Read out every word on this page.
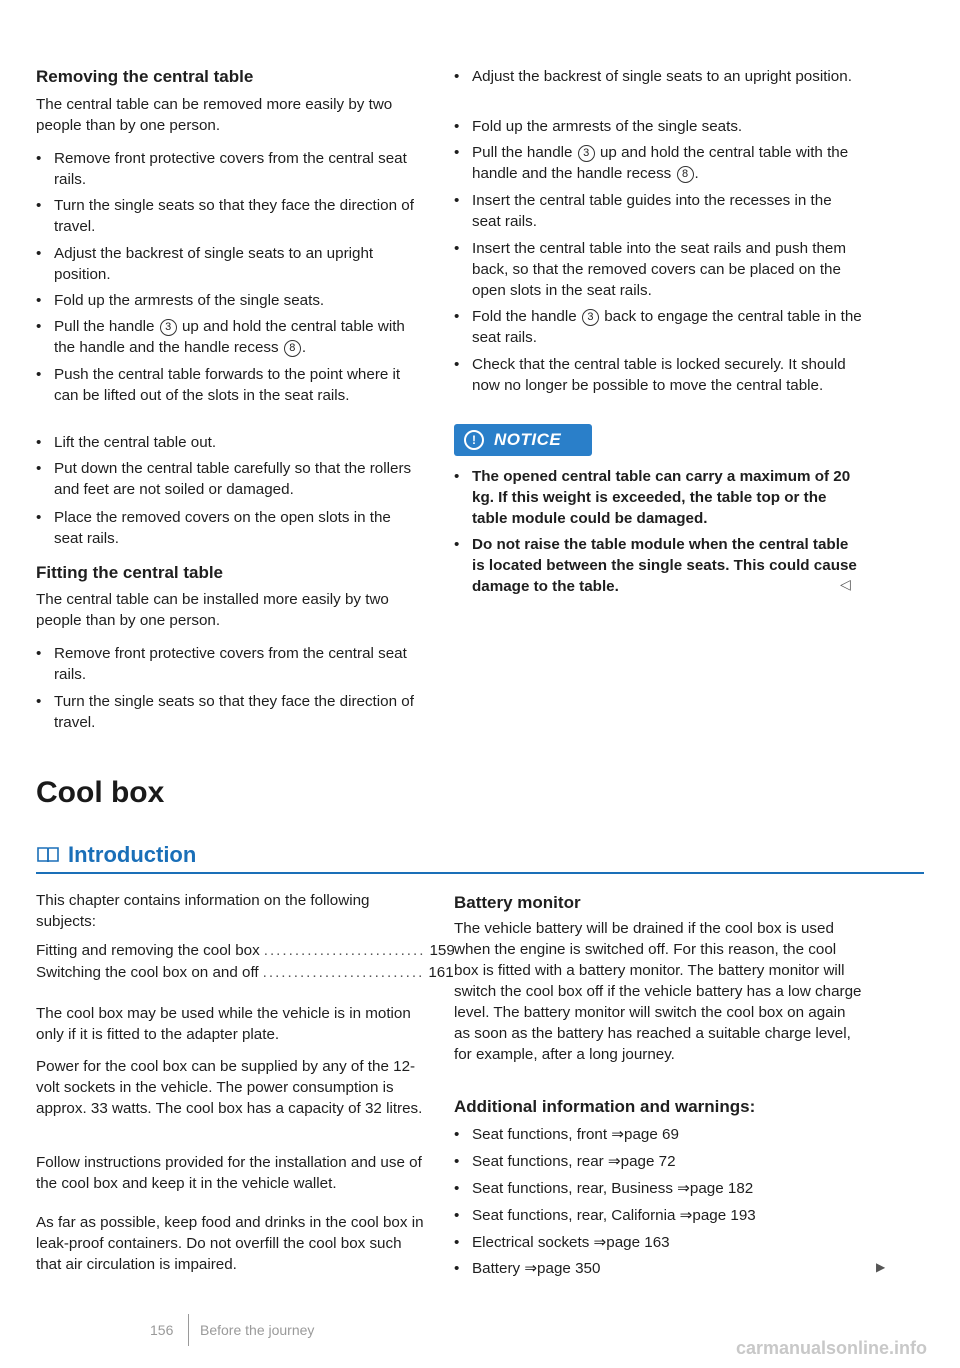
Removing the central table

The central table can be removed more easily by two people than by one person.

• Remove front protective covers from the central seat rails.
• Turn the single seats so that they face the direction of travel.
• Adjust the backrest of single seats to an upright position.
• Fold up the armrests of the single seats.
• Pull the handle 3 up and hold the central table with the handle and the handle recess 8 .
• Push the central table forwards to the point where it can be lifted out of the slots in the seat rails.
• Lift the central table out.
• Put down the central table carefully so that the rollers and feet are not soiled or damaged.
• Place the removed covers on the open slots in the seat rails.
Fitting the central table

The central table can be installed more easily by two people than by one person.

• Remove front protective covers from the central seat rails.
• Turn the single seats so that they face the direction of travel.
• Adjust the backrest of single seats to an upright position.
• Fold up the armrests of the single seats.
• Pull the handle 3 up and hold the central table with the handle and the handle recess 8 .
• Insert the central table guides into the recesses in the seat rails.
• Insert the central table into the seat rails and push them back, so that the removed covers can be placed on the open slots in the seat rails.
• Fold the handle 3 back to engage the central table in the seat rails.
• Check that the central table is locked securely. It should now no longer be possible to move the central table.
!	NOTICE
• The opened central table can carry a maximum of 20 kg. If this weight is exceeded, the table top or the table module could be damaged.
• Do not raise the table module when the central table is located between the single seats. This could cause damage to the table.	◁
Cool box
Introduction

This chapter contains information on the following subjects:

Fitting and removing the cool box .......................... 159
Switching the cool box on and off .......................... 161

The cool box may be used while the vehicle is in motion only if it is fitted to the adapter plate.

Power for the cool box can be supplied by any of the 12-volt sockets in the vehicle. The power consumption is approx. 33 watts. The cool box has a capacity of 32 litres.

Follow instructions provided for the installation and use of the cool box and keep it in the vehicle wallet.

As far as possible, keep food and drinks in the cool box in leak-proof containers. Do not overfill the cool box such that air circulation is impaired.

Battery monitor

The vehicle battery will be drained if the cool box is used when the engine is switched off. For this reason, the cool box is fitted with a battery monitor. The battery monitor will switch the cool box off if the vehicle battery has a low charge level. The battery monitor will switch the cool box on again as soon as the battery has reached a suitable charge level, for example, after a long journey.

Additional information and warnings:
• Seat functions, front ⇒page 69
• Seat functions, rear ⇒page 72
• Seat functions, rear, Business ⇒page 182
• Seat functions, rear, California ⇒page 193
• Electrical sockets ⇒page 163
• Battery ⇒page 350	▶
156 Before the journey
carmanualsonline.info
